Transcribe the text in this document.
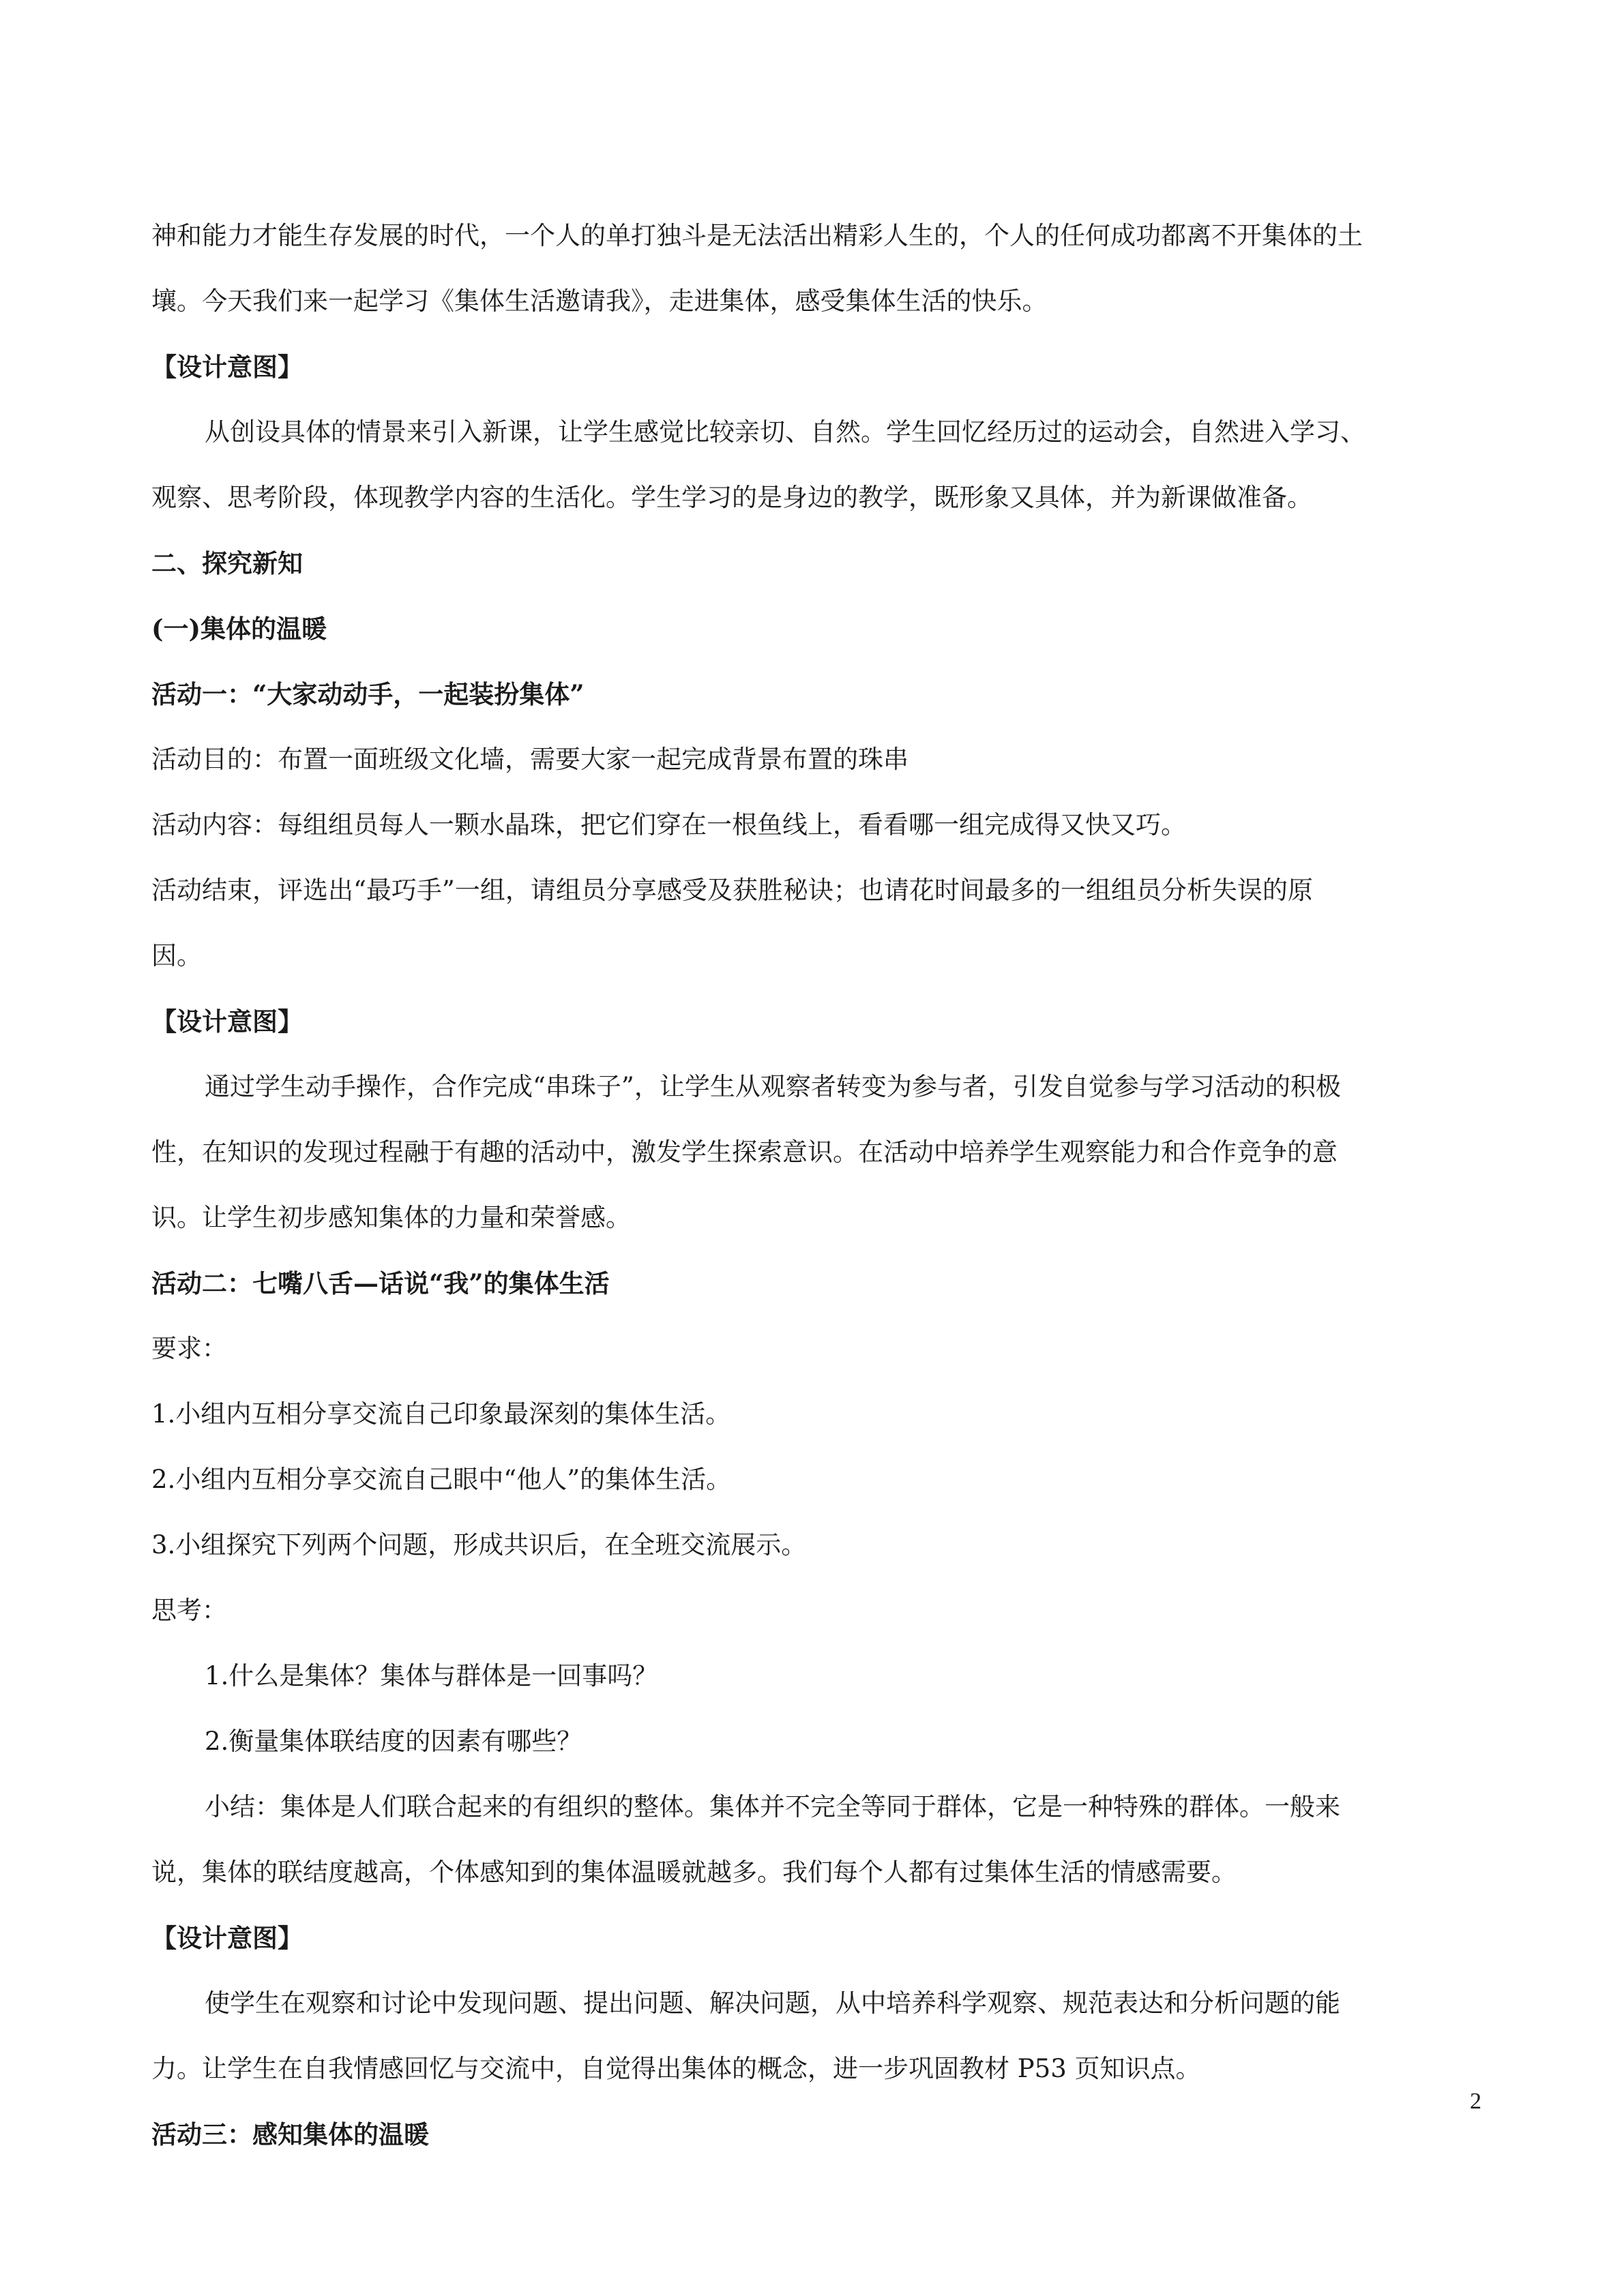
神和能力才能生存发展的时代，一个人的单打独斗是无法活出精彩人生的，个人的任何成功都离不开集体的土

壤。今天我们来一起学习《集体生活邀请我》，走进集体，感受集体生活的快乐。

【设计意图】

从创设具体的情景来引入新课，让学生感觉比较亲切、自然。学生回忆经历过的运动会，自然进入学习、

观察、思考阶段，体现教学内容的生活化。学生学习的是身边的教学，既形象又具体，并为新课做准备。

二、探究新知

(一)集体的温暖

活动一：“大家动动手，一起装扮集体”

活动目的：布置一面班级文化墙，需要大家一起完成背景布置的珠串

活动内容：每组组员每人一颗水晶珠，把它们穿在一根鱼线上，看看哪一组完成得又快又巧。

活动结束，评选出“最巧手”一组，请组员分享感受及获胜秘诀；也请花时间最多的一组组员分析失误的原

因。

【设计意图】

通过学生动手操作，合作完成“串珠子”，让学生从观察者转变为参与者，引发自觉参与学习活动的积极

性，在知识的发现过程融于有趣的活动中，激发学生探索意识。在活动中培养学生观察能力和合作竞争的意

识。让学生初步感知集体的力量和荣誉感。

活动二：七嘴八舌—话说“我”的集体生活

要求：

1.小组内互相分享交流自己印象最深刻的集体生活。

2.小组内互相分享交流自己眼中“他人”的集体生活。

3.小组探究下列两个问题，形成共识后，在全班交流展示。

思考：

1.什么是集体？集体与群体是一回事吗？

2.衡量集体联结度的因素有哪些？

小结：集体是人们联合起来的有组织的整体。集体并不完全等同于群体，它是一种特殊的群体。一般来

说，集体的联结度越高，个体感知到的集体温暖就越多。我们每个人都有过集体生活的情感需要。

【设计意图】

使学生在观察和讨论中发现问题、提出问题、解决问题，从中培养科学观察、规范表达和分析问题的能

力。让学生在自我情感回忆与交流中，自觉得出集体的概念，进一步巩固教材 P53 页知识点。

活动三：感知集体的温暖

2
